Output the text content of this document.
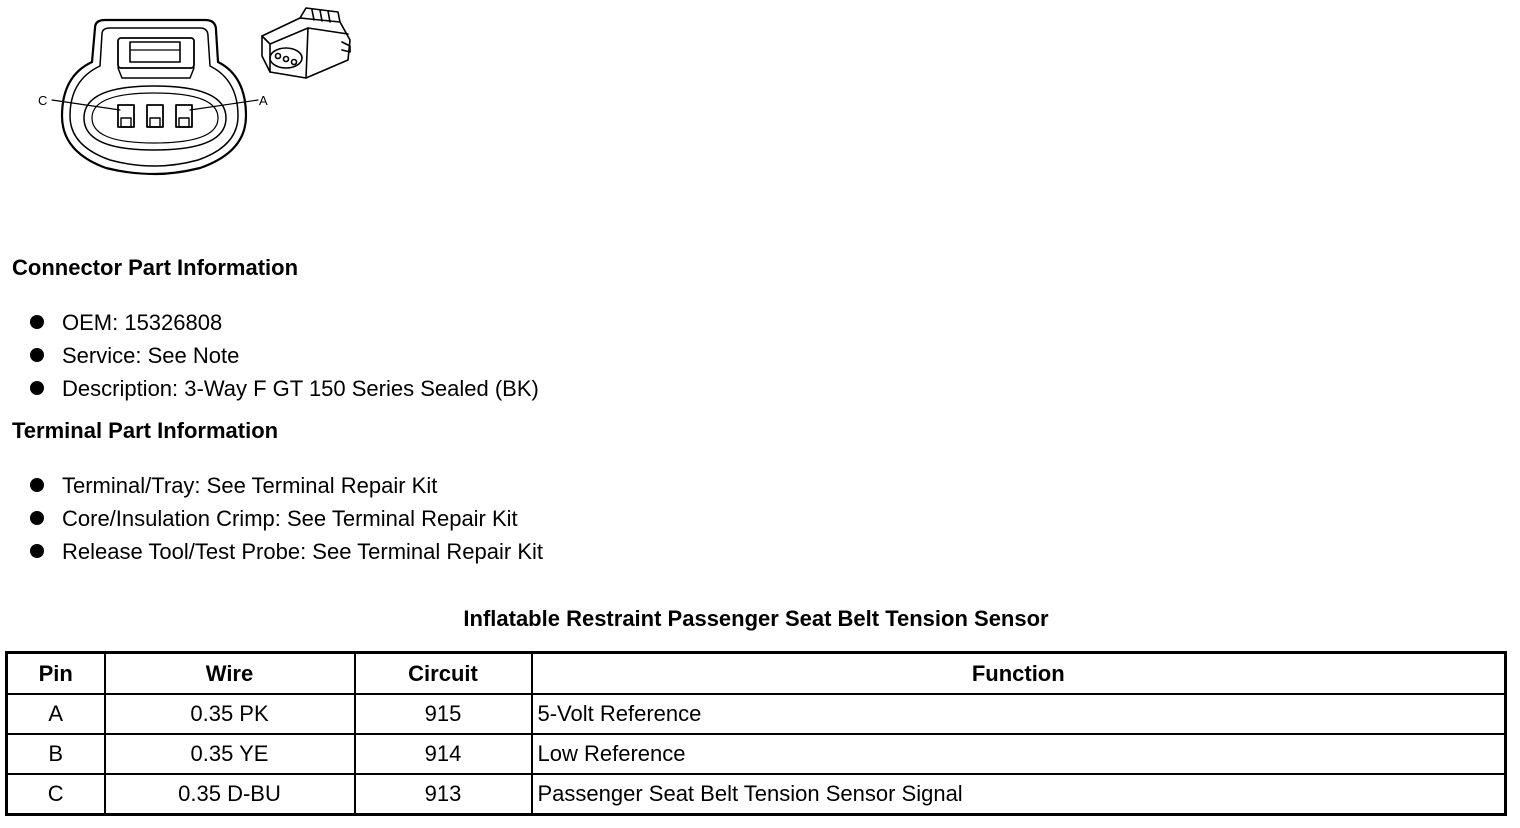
C	A
Connector Part Information
OEM: 15326808
Service: See Note
Description: 3-Way F GT 150 Series Sealed (BK)
Terminal Part Information
Terminal/Tray: See Terminal Repair Kit
Core/Insulation Crimp: See Terminal Repair Kit
Release Tool/Test Probe: See Terminal Repair Kit
Inflatable Restraint Passenger Seat Belt Tension Sensor
Pin	Wire	Circuit	Function
A	0.35 PK	915	5-Volt Reference
B	0.35 YE	914	Low Reference
C	0.35 D-BU	913	Passenger Seat Belt Tension Sensor Signal
